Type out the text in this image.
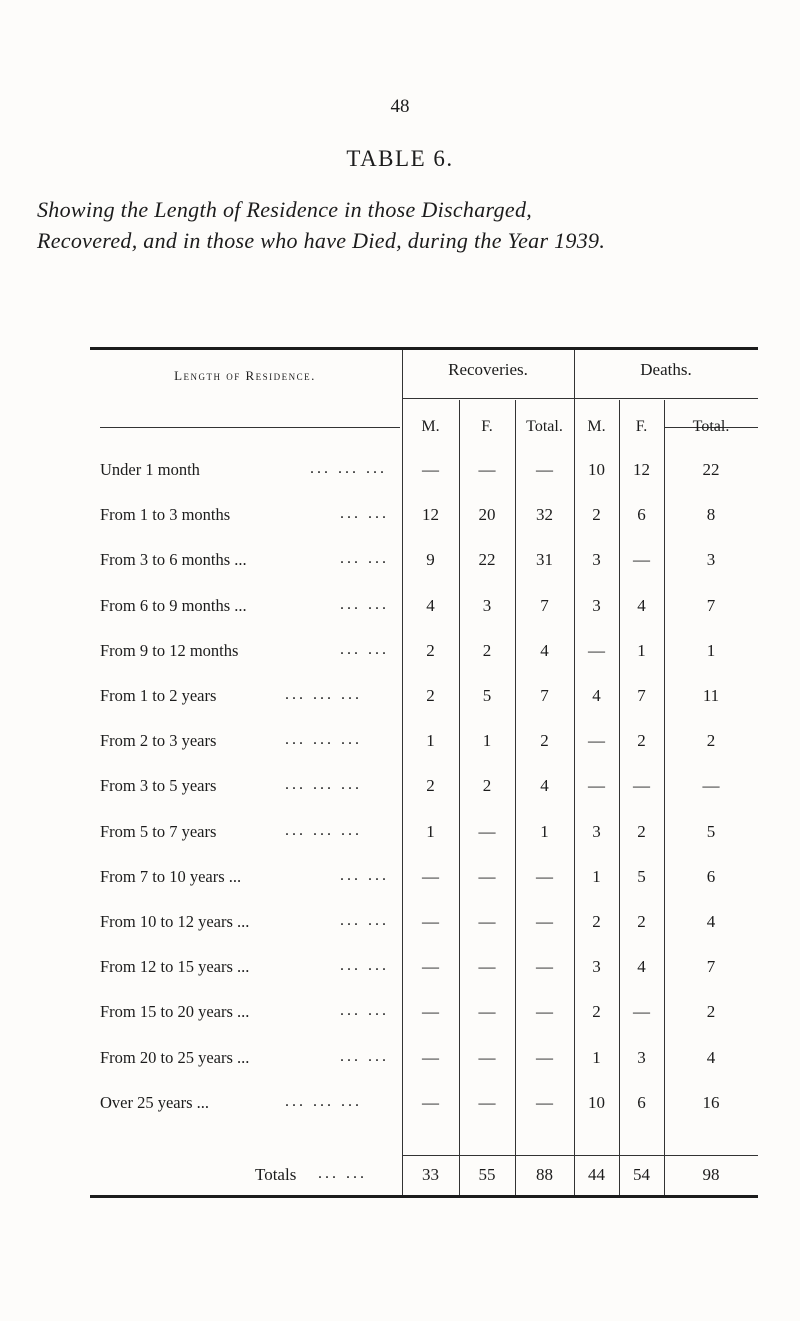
48
TABLE 6.
Showing the Length of Residence in those Discharged,
Recovered, and in those who have Died, during the Year 1939.
Length of Residence.	Recoveries.	Deaths.
M.	F.	Total.	M.	F.	Total.
Under 1 month	... ... ...	—	—	—	10	12	22
From 1 to 3 months	... ...	12	20	32	2	6	8
From 3 to 6 months ...	... ...	9	22	31	3	—	3
From 6 to 9 months ...	... ...	4	3	7	3	4	7
From 9 to 12 months	... ...	2	2	4	—	1	1
From 1 to 2 years	... ... ...	2	5	7	4	7	11
From 2 to 3 years	... ... ...	1	1	2	—	2	2
From 3 to 5 years	... ... ...	2	2	4	—	—	—
From 5 to 7 years	... ... ...	1	—	1	3	2	5
From 7 to 10 years ...	... ...	—	—	—	1	5	6
From 10 to 12 years ...	... ...	—	—	—	2	2	4
From 12 to 15 years ...	... ...	—	—	—	3	4	7
From 15 to 20 years ...	... ...	—	—	—	2	—	2
From 20 to 25 years ...	... ...	—	—	—	1	3	4
Over 25 years ...	... ... ...	—	—	—	10	6	16
Totals ... ...	33	55	88	44	54	98
